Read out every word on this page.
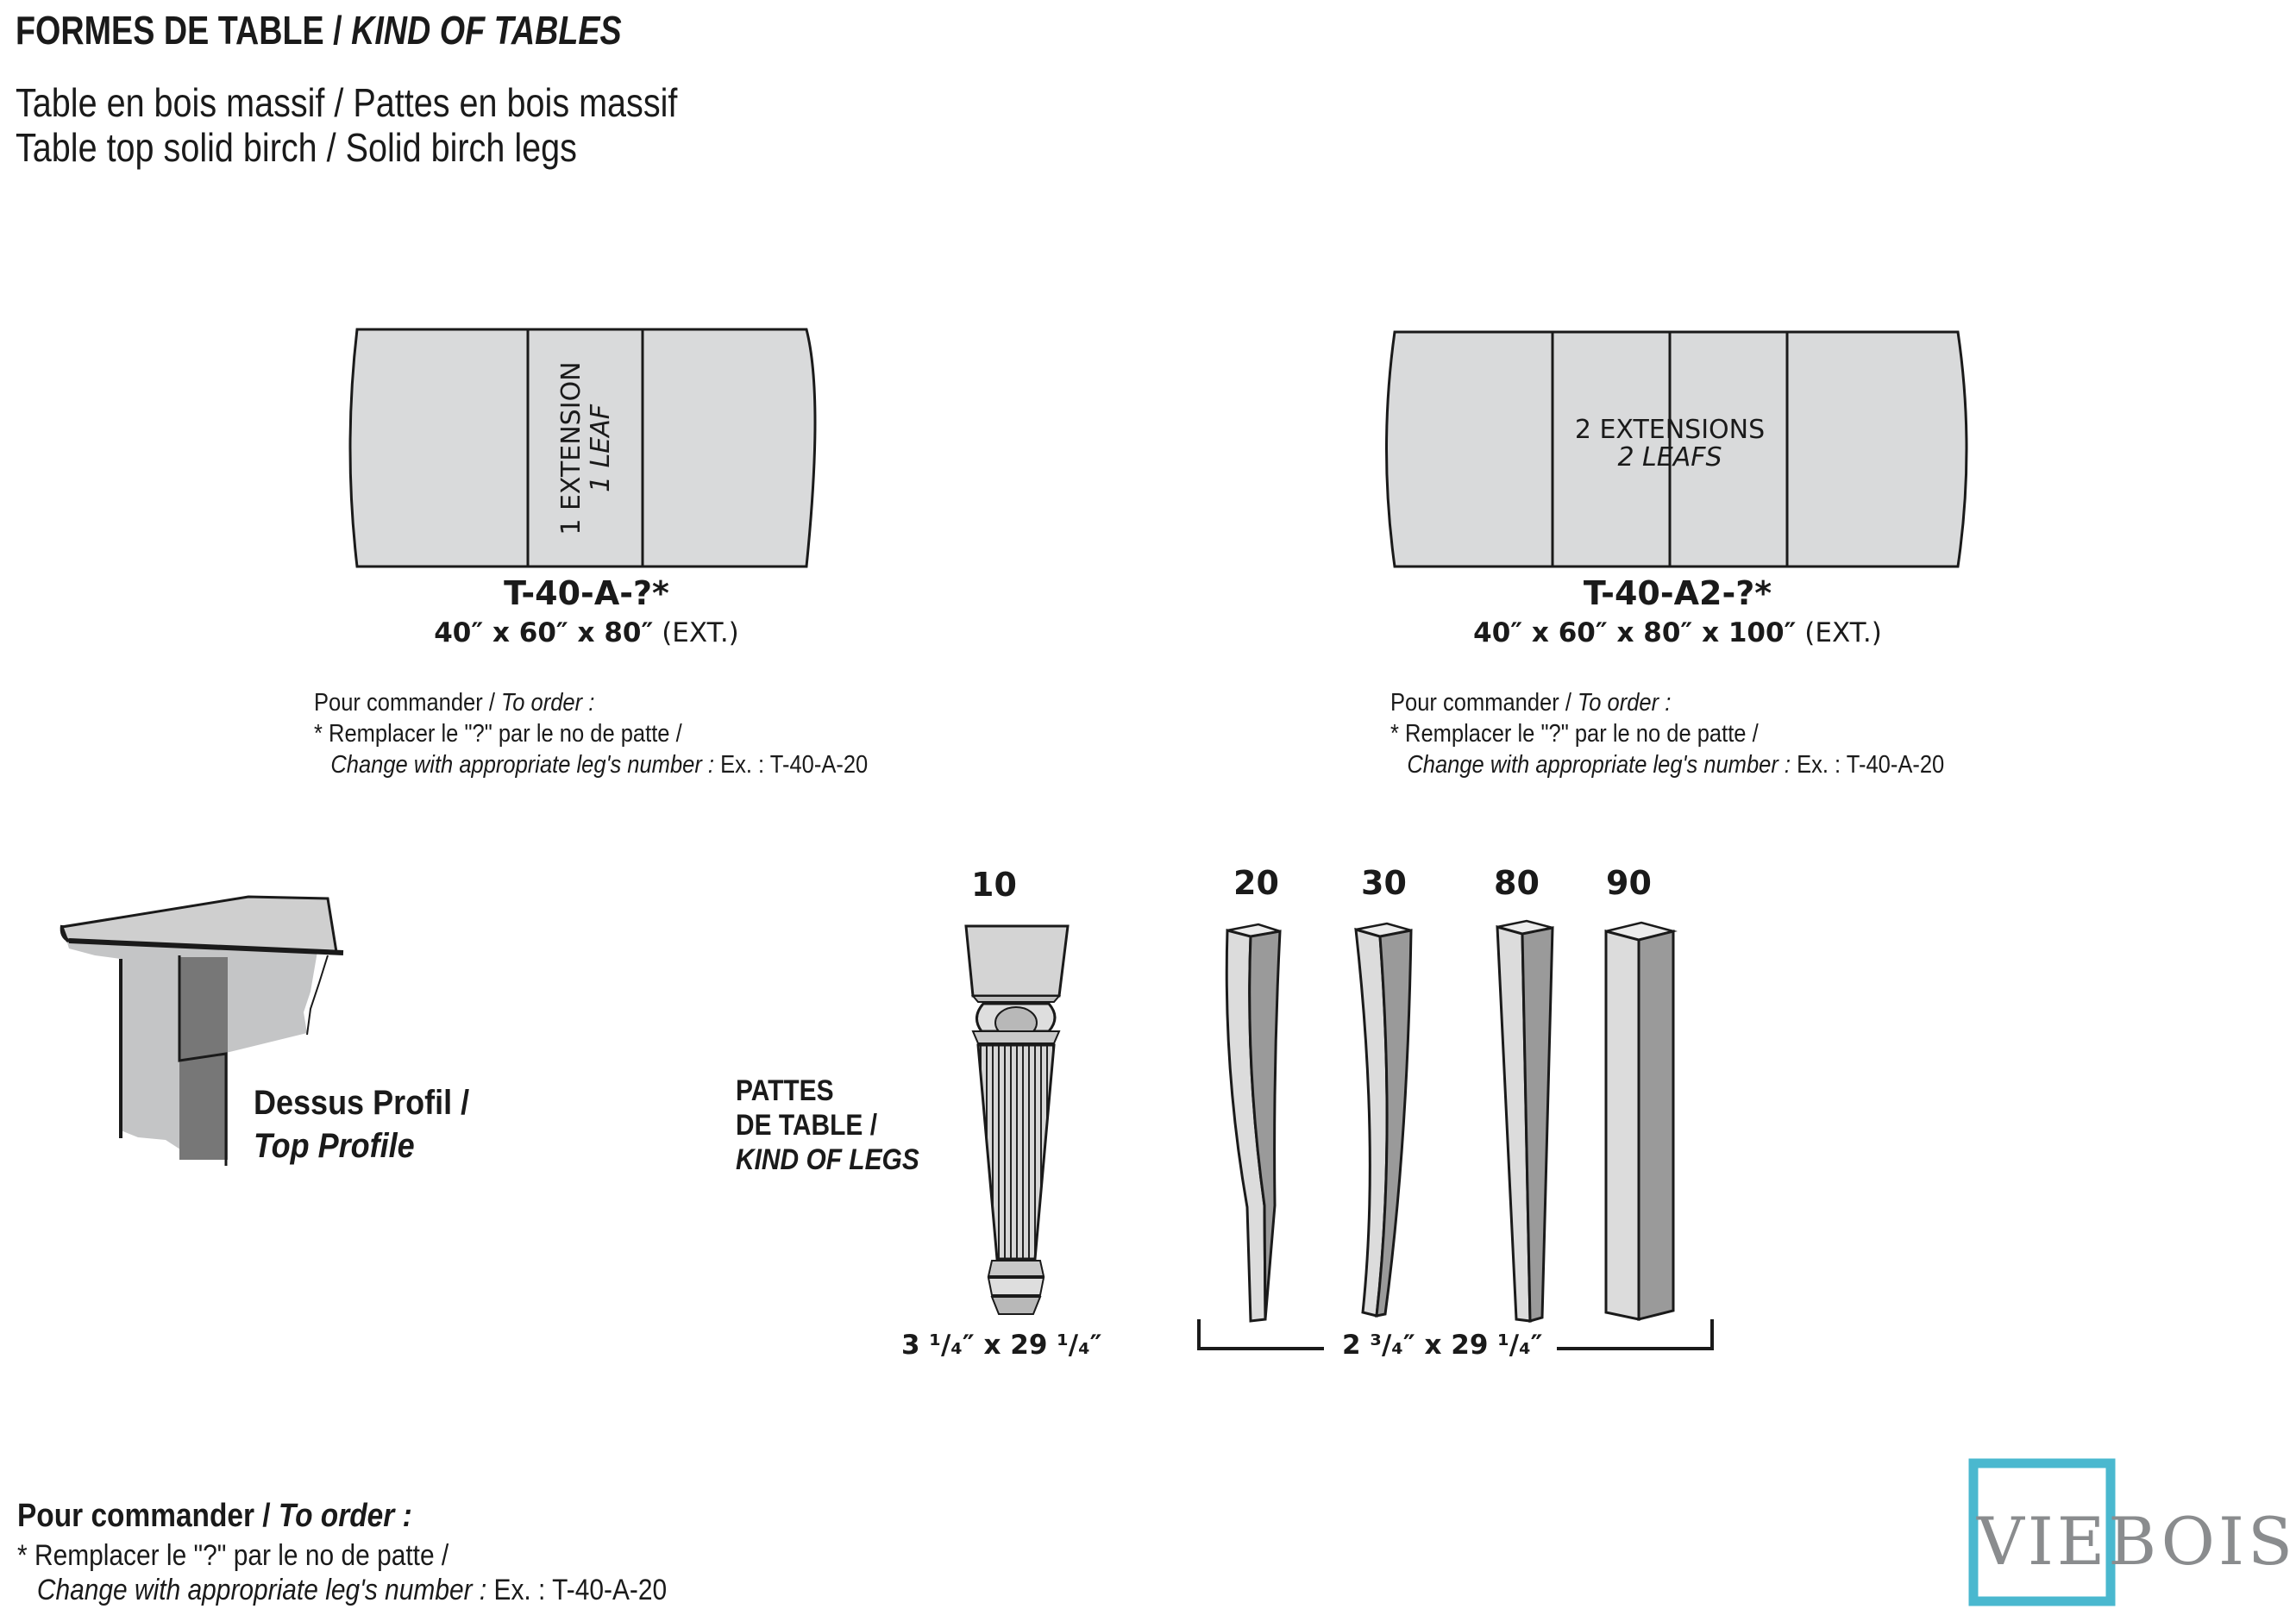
FORMES DE TABLE / KIND OF TABLES
Table en bois massif / Pattes en bois massif
Table top solid birch / Solid birch legs
1 EXTENSION 1 LEAF	2 EXTENSIONS
2 LEAFS
T-40-A-?*
40″ x 60″ x 80″ (EXT.)
Pour commander / To order :
* Remplacer le "?" par le no de patte /
Change with appropriate leg's number : Ex. : T-40-A-20
T-40-A2-?*
40″ x 60″ x 80″ x 100″ (EXT.)
Pour commander / To order :
* Remplacer le "?" par le no de patte /
Change with appropriate leg's number : Ex. : T-40-A-20
Dessus Profil /
Top Profile
PATTES
DE TABLE /
KIND OF LEGS
10	20	30	80 90
3 ¹/₄″ x 29 ¹/₄″	2 ³/₄″ x 29 ¹/₄″
Pour commander / To order :
* Remplacer le "?" par le no de patte /
Change with appropriate leg's number : Ex. : T-40-A-20
VIEBOIS
